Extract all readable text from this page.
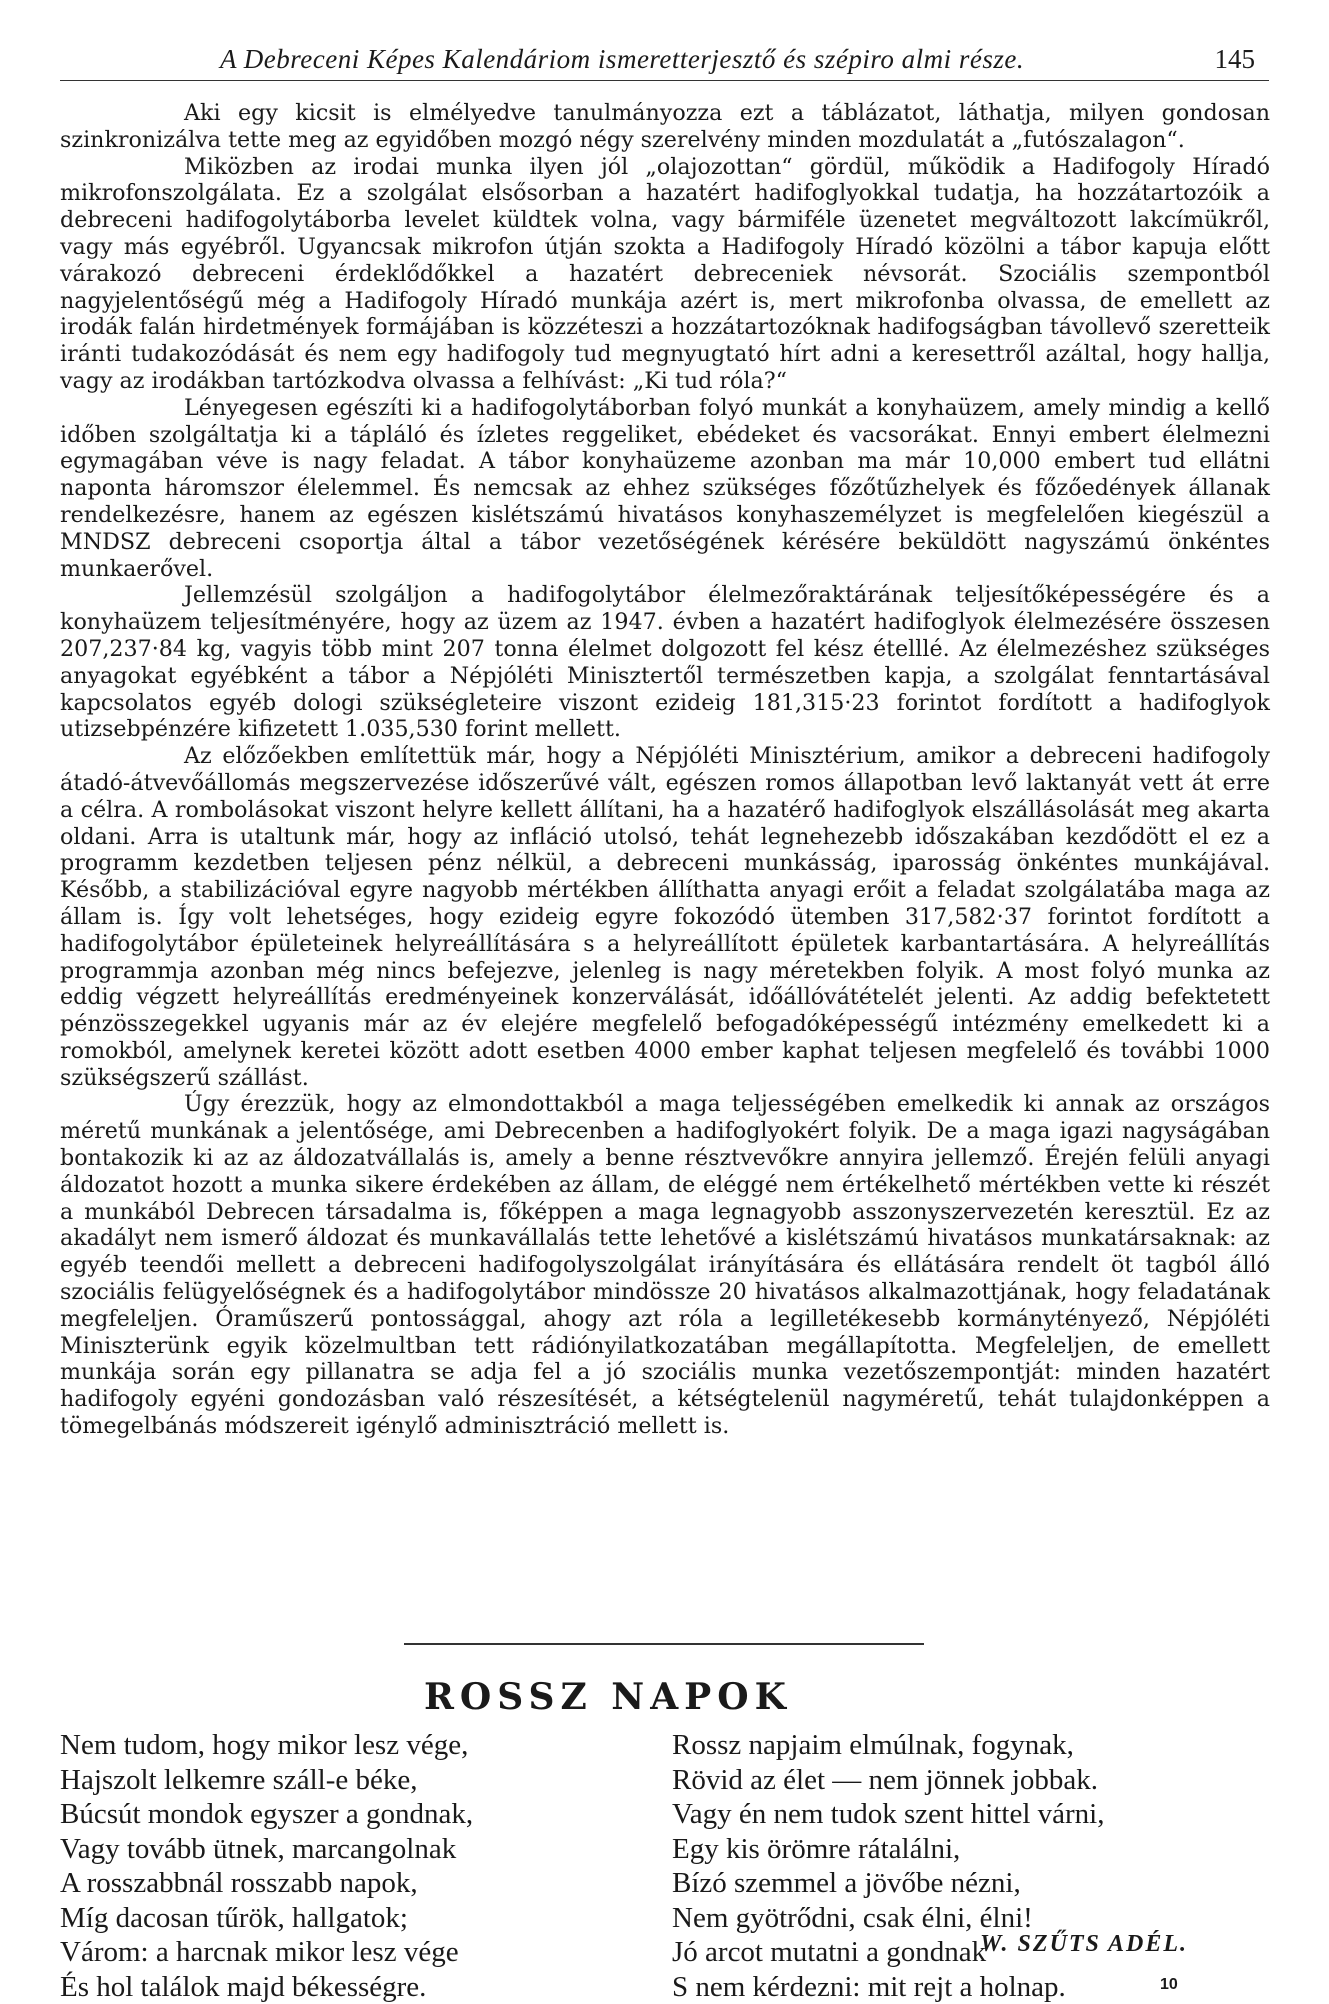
A Debreceni Képes Kalendáriom ismeretterjesztő és szépiro almi része.	145

Aki egy kicsit is elmélyedve tanulmányozza ezt a táblázatot, láthatja, milyen gondosan szinkronizálva tette meg az egyidőben mozgó négy szerelvény minden mozdulatát a „futószalagon“.

Miközben az irodai munka ilyen jól „olajozottan“ gördül, működik a Hadifogoly Híradó mikrofonszolgálata. Ez a szolgálat elsősorban a hazatért hadifoglyokkal tudatja, ha hozzátartozóik a debreceni hadifogolytáborba levelet küldtek volna, vagy bármiféle üzenetet megváltozott lakcímükről, vagy más egyébről. Ugyancsak mikrofon útján szokta a Hadifogoly Híradó közölni a tábor kapuja előtt várakozó debreceni érdeklődőkkel a hazatért debreceniek névsorát. Szociális szempontból nagyjelentőségű még a Hadifogoly Híradó munkája azért is, mert mikrofonba olvassa, de emellett az irodák falán hirdetmények formájában is közzéteszi a hozzátartozóknak hadifogságban távollevő szeretteik iránti tudakozódását és nem egy hadifogoly tud megnyugtató hírt adni a keresettről azáltal, hogy hallja, vagy az irodákban tartózkodva olvassa a felhívást: „Ki tud róla?“

Lényegesen egészíti ki a hadifogolytáborban folyó munkát a konyhaüzem, amely mindig a kellő időben szolgáltatja ki a tápláló és ízletes reggeliket, ebédeket és vacsorákat. Ennyi embert élelmezni egymagában véve is nagy feladat. A tábor konyhaüzeme azonban ma már 10,000 embert tud ellátni naponta háromszor élelemmel. És nemcsak az ehhez szükséges főzőtűzhelyek és főzőedények állanak rendelkezésre, hanem az egészen kislétszámú hivatásos konyhaszemélyzet is megfelelően kiegészül a MNDSZ debreceni csoportja által a tábor vezetőségének kérésére beküldött nagyszámú önkéntes munkaerővel.

Jellemzésül szolgáljon a hadifogolytábor élelmezőraktárának teljesítőképességére és a konyhaüzem teljesítményére, hogy az üzem az 1947. évben a hazatért hadifoglyok élelmezésére összesen 207,237·84 kg, vagyis több mint 207 tonna élelmet dolgozott fel kész ételllé. Az élelmezéshez szükséges anyagokat egyébként a tábor a Népjóléti Minisztertől természetben kapja, a szolgálat fenntartásával kapcsolatos egyéb dologi szükségleteire viszont ezideig 181,315·23 forintot fordított a hadifoglyok utizsebpénzére kifizetett 1.035,530 forint mellett.

Az előzőekben említettük már, hogy a Népjóléti Minisztérium, amikor a debreceni hadifogoly átadó-átvevőállomás megszervezése időszerűvé vált, egészen romos állapotban levő laktanyát vett át erre a célra. A rombolásokat viszont helyre kellett állítani, ha a hazatérő hadifoglyok elszállásolását meg akarta oldani. Arra is utaltunk már, hogy az infláció utolsó, tehát legnehezebb időszakában kezdődött el ez a programm kezdetben teljesen pénz nélkül, a debreceni munkásság, iparosság önkéntes munkájával. Később, a stabilizációval egyre nagyobb mértékben állíthatta anyagi erőit a feladat szolgálatába maga az állam is. Így volt lehetséges, hogy ezideig egyre fokozódó ütemben 317,582·37 forintot fordított a hadifogolytábor épületeinek helyreállítására s a helyreállított épületek karbantartására. A helyreállítás programmja azonban még nincs befejezve, jelenleg is nagy méretekben folyik. A most folyó munka az eddig végzett helyreállítás eredményeinek konzerválását, időállóvátételét jelenti. Az addig befektetett pénzösszegekkel ugyanis már az év elejére megfelelő befogadóképességű intézmény emelkedett ki a romokból, amelynek keretei között adott esetben 4000 ember kaphat teljesen megfelelő és további 1000 szükségszerű szállást.

Úgy érezzük, hogy az elmondottakból a maga teljességében emelkedik ki annak az országos méretű munkának a jelentősége, ami Debrecenben a hadifoglyokért folyik. De a maga igazi nagyságában bontakozik ki az az áldozatvállalás is, amely a benne résztvevőkre annyira jellemző. Érején felüli anyagi áldozatot hozott a munka sikere érdekében az állam, de eléggé nem értékelhető mértékben vette ki részét a munkából Debrecen társadalma is, főképpen a maga legnagyobb asszonyszervezetén keresztül. Ez az akadályt nem ismerő áldozat és munkavállalás tette lehetővé a kislétszámú hivatásos munkatársaknak: az egyéb teendői mellett a debreceni hadifogolyszolgálat irányítására és ellátására rendelt öt tagból álló szociális felügyelőségnek és a hadifogolytábor mindössze 20 hivatásos alkalmazottjának, hogy feladatának megfeleljen. Óraműszerű pontossággal, ahogy azt róla a legilletékesebb kormánytényező, Népjóléti Miniszterünk egyik közelmultban tett rádiónyilatkozatában megállapította. Megfeleljen, de emellett munkája során egy pillanatra se adja fel a jó szociális munka vezetőszempontját: minden hazatért hadifogoly egyéni gondozásban való részesítését, a kétségtelenül nagyméretű, tehát tulajdonképpen a tömegelbánás módszereit igénylő adminisztráció mellett is.

ROSSZ NAPOK
Nem tudom, hogy mikor lesz vége,
Hajszolt lelkemre száll-e béke,
Búcsút mondok egyszer a gondnak,
Vagy tovább ütnek, marcangolnak
A rosszabbnál rosszabb napok,
Míg dacosan tűrök, hallgatok;
Várom: a harcnak mikor lesz vége
És hol találok majd békességre.
Rossz napjaim elmúlnak, fogynak,
Rövid az élet — nem jönnek jobbak.
Vagy én nem tudok szent hittel várni,
Egy kis örömre rátalálni,
Bízó szemmel a jövőbe nézni,
Nem gyötrődni, csak élni, élni!
Jó arcot mutatni a gondnak
S nem kérdezni: mit rejt a holnap.
W. SZŰTS ADÉL.
10
